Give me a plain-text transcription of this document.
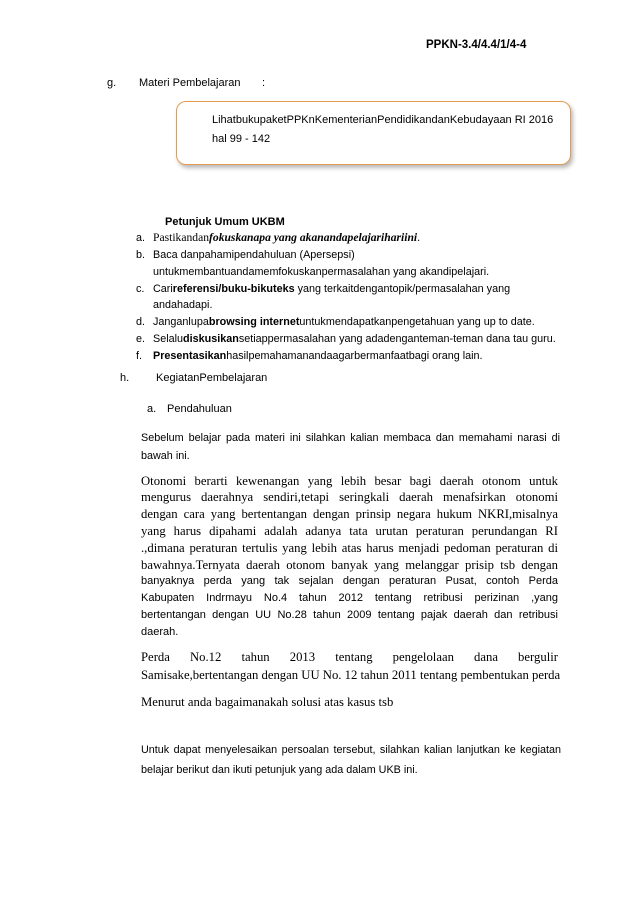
PPKN-3.4/4.4/1/4-4
g. Materi Pembelajaran :
LihatbukupaketPPKnKementerianPendidikandanKebudayaan RI 2016
hal 99 - 142
Petunjuk Umum UKBM
a. Pastikandanfokuskanapa yang akanandapelajarihariini.
b. Baca danpahamipendahuluan (Apersepsi)
untukmembantuandamemfokuskanpermasalahan yang akandipelajari.
c. Carireferensi/buku-bikuteks yang terkaitdengantopik/permasalahan yang
andahadapi.
d. Janganlupabrowsing internetuntukmendapatkanpengetahuan yang up to date.
e. Selaludiskusikansetiappermasalahan yang adadenganteman-teman dana tau guru.
f. Presentasikanhasilpemahamanandaagarbermanfaatbagi orang lain.
h. KegiatanPembelajaran
a. Pendahuluan
Sebelum belajar pada materi ini silahkan kalian membaca dan memahami narasi di
bawah ini.
Otonomi berarti kewenangan yang lebih besar bagi daerah otonom untuk
mengurus daerahnya sendiri,tetapi seringkali daerah menafsirkan otonomi
dengan cara yang bertentangan dengan prinsip negara hukum NKRI,misalnya
yang harus dipahami adalah adanya tata urutan peraturan perundangan RI
.,dimana peraturan tertulis yang lebih atas harus menjadi pedoman peraturan di
bawahnya.Ternyata daerah otonom banyak yang melanggar prisip tsb dengan
banyaknya perda yang tak sejalan dengan peraturan Pusat, contoh Perda
Kabupaten Indrmayu No.4 tahun 2012 tentang retribusi perizinan ,yang
bertentangan dengan UU No.28 tahun 2009 tentang pajak daerah dan retribusi
daerah.
Perda No.12 tahun 2013 tentang pengelolaan dana bergulir
Samisake,bertentangan dengan UU No. 12 tahun 2011 tentang pembentukan perda
Menurut anda bagaimanakah solusi atas kasus tsb
Untuk dapat menyelesaikan persoalan tersebut, silahkan kalian lanjutkan ke kegiatan
belajar berikut dan ikuti petunjuk yang ada dalam UKB ini.
